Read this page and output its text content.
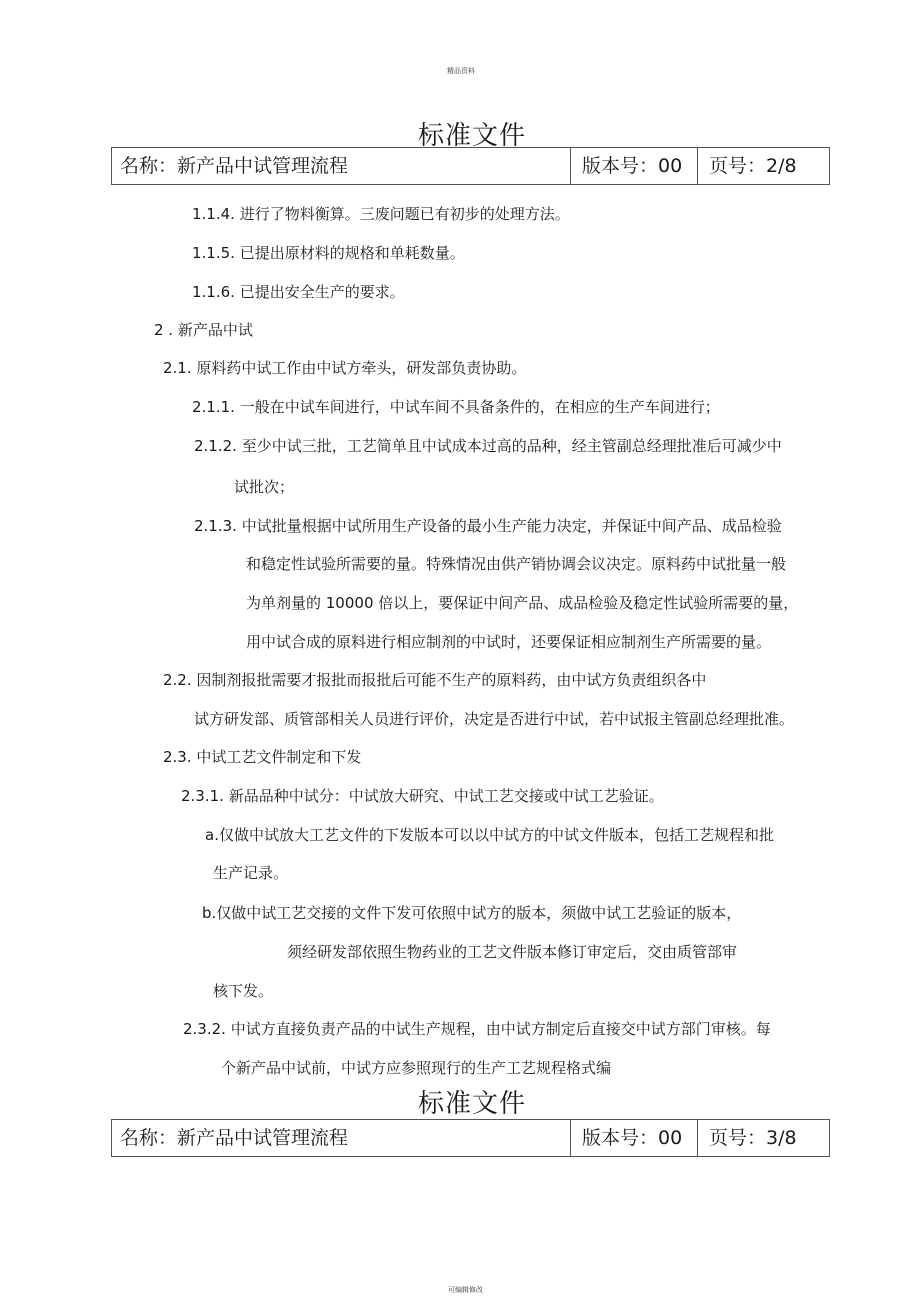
精品资料
标准文件
名称：新产品中试管理流程	版本号：00 页号：2/8
1.1.4. 进行了物料衡算。三废问题已有初步的处理方法。
1.1.5. 已提出原材料的规格和单耗数量。
1.1.6. 已提出安全生产的要求。
2 . 新产品中试
2.1. 原料药中试工作由中试方牵头，研发部负责协助。
2.1.1. 一般在中试车间进行，中试车间不具备条件的，在相应的生产车间进行；
2.1.2. 至少中试三批，工艺简单且中试成本过高的品种，经主管副总经理批准后可减少中
试批次；
2.1.3. 中试批量根据中试所用生产设备的最小生产能力决定，并保证中间产品、成品检验
和稳定性试验所需要的量。特殊情况由供产销协调会议决定。原料药中试批量一般
为单剂量的 10000 倍以上，要保证中间产品、成品检验及稳定性试验所需要的量，
用中试合成的原料进行相应制剂的中试时，还要保证相应制剂生产所需要的量。
2.2. 因制剂报批需要才报批而报批后可能不生产的原料药，由中试方负责组织各中
试方研发部、质管部相关人员进行评价，决定是否进行中试，若中试报主管副总经理批准。
2.3. 中试工艺文件制定和下发
2.3.1. 新品品种中试分：中试放大研究、中试工艺交接或中试工艺验证。
a.仅做中试放大工艺文件的下发版本可以以中试方的中试文件版本，包括工艺规程和批
生产记录。
b.仅做中试工艺交接的文件下发可依照中试方的版本，须做中试工艺验证的版本，
须经研发部依照生物药业的工艺文件版本修订审定后，交由质管部审
核下发。
2.3.2. 中试方直接负责产品的中试生产规程，由中试方制定后直接交中试方部门审核。每
个新产品中试前，中试方应参照现行的生产工艺规程格式编
标准文件
名称：新产品中试管理流程	版本号：00 页号：3/8
可编辑修改
